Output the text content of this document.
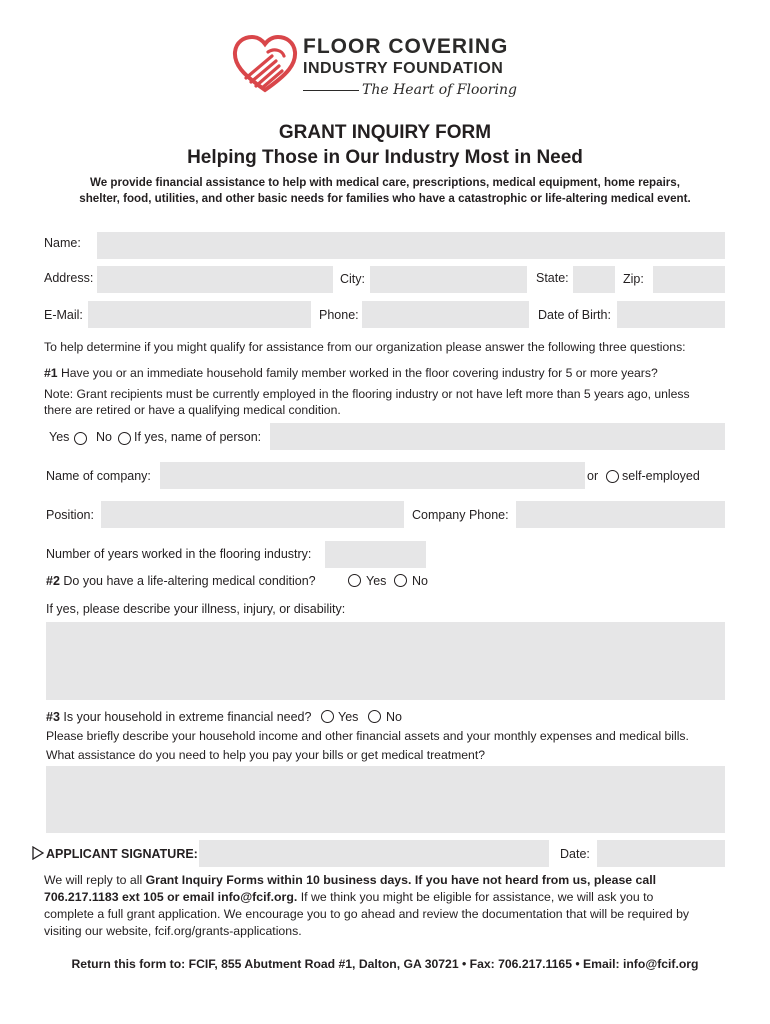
FLOOR COVERING
INDUSTRY FOUNDATION
The Heart of Flooring
GRANT INQUIRY FORM
Helping Those in Our Industry Most in Need
We provide financial assistance to help with medical care, prescriptions, medical equipment, home repairs,
shelter, food, utilities, and other basic needs for families who have a catastrophic or life-altering medical event.
Name:
Address:	City:	State:	Zip:
E-Mail:	Phone:	Date of Birth:
To help determine if you might qualify for assistance from our organization please answer the following three questions:
#1 Have you or an immediate household family member worked in the floor covering industry for 5 or more years?
Note: Grant recipients must be currently employed in the flooring industry or not have left more than 5 years ago, unless
there are retired or have a qualifying medical condition.
Yes No If yes, name of person:
Name of company:	or self-employed
Position:	Company Phone:
Number of years worked in the flooring industry:
#2 Do you have a life-altering medical condition?	Yes No
If yes, please describe your illness, injury, or disability:
#3 Is your household in extreme financial need? Yes No
Please briefly describe your household income and other financial assets and your monthly expenses and medical bills.
What assistance do you need to help you pay your bills or get medical treatment?
APPLICANT SIGNATURE:	Date:
We will reply to all Grant Inquiry Forms within 10 business days. If you have not heard from us, please call
706.217.1183 ext 105 or email info@fcif.org. If we think you might be eligible for assistance, we will ask you to
complete a full grant application. We encourage you to go ahead and review the documentation that will be required by
visiting our website, fcif.org/grants-applications.
Return this form to: FCIF, 855 Abutment Road #1, Dalton, GA 30721 • Fax: 706.217.1165 • Email: info@fcif.org
